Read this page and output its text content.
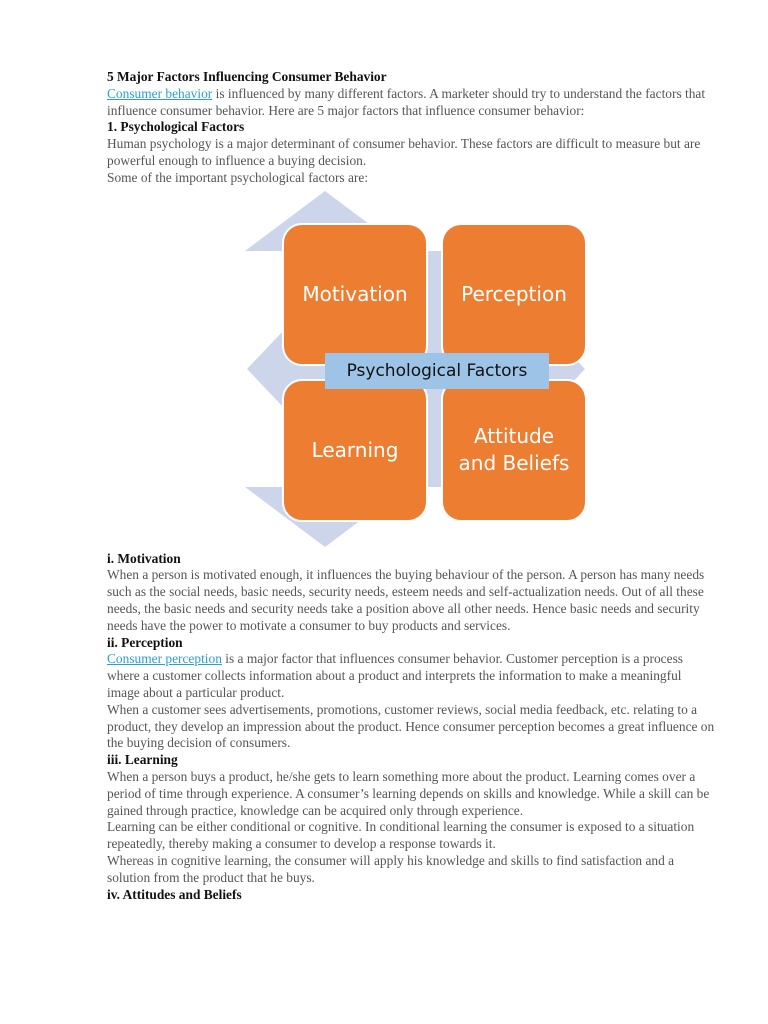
5 Major Factors Influencing Consumer Behavior

Consumer behavior is influenced by many different factors. A marketer should try to understand the factors that influence consumer behavior. Here are 5 major factors that influence consumer behavior:

1. Psychological Factors

Human psychology is a major determinant of consumer behavior. These factors are difficult to measure but are powerful enough to influence a buying decision.

Some of the important psychological factors are:

Motivation	Perception
Learning
Attitude and Beliefs
Psychological Factors
i. Motivation

When a person is motivated enough, it influences the buying behaviour of the person. A person has many needs such as the social needs, basic needs, security needs, esteem needs and self-actualization needs. Out of all these needs, the basic needs and security needs take a position above all other needs. Hence basic needs and security needs have the power to motivate a consumer to buy products and services.

ii. Perception

Consumer perception is a major factor that influences consumer behavior. Customer perception is a process where a customer collects information about a product and interprets the information to make a meaningful image about a particular product.

When a customer sees advertisements, promotions, customer reviews, social media feedback, etc. relating to a product, they develop an impression about the product. Hence consumer perception becomes a great influence on the buying decision of consumers.

iii. Learning

When a person buys a product, he/she gets to learn something more about the product. Learning comes over a period of time through experience. A consumer’s learning depends on skills and knowledge. While a skill can be gained through practice, knowledge can be acquired only through experience.

Learning can be either conditional or cognitive. In conditional learning the consumer is exposed to a situation repeatedly, thereby making a consumer to develop a response towards it.

Whereas in cognitive learning, the consumer will apply his knowledge and skills to find satisfaction and a solution from the product that he buys.

iv. Attitudes and Beliefs
